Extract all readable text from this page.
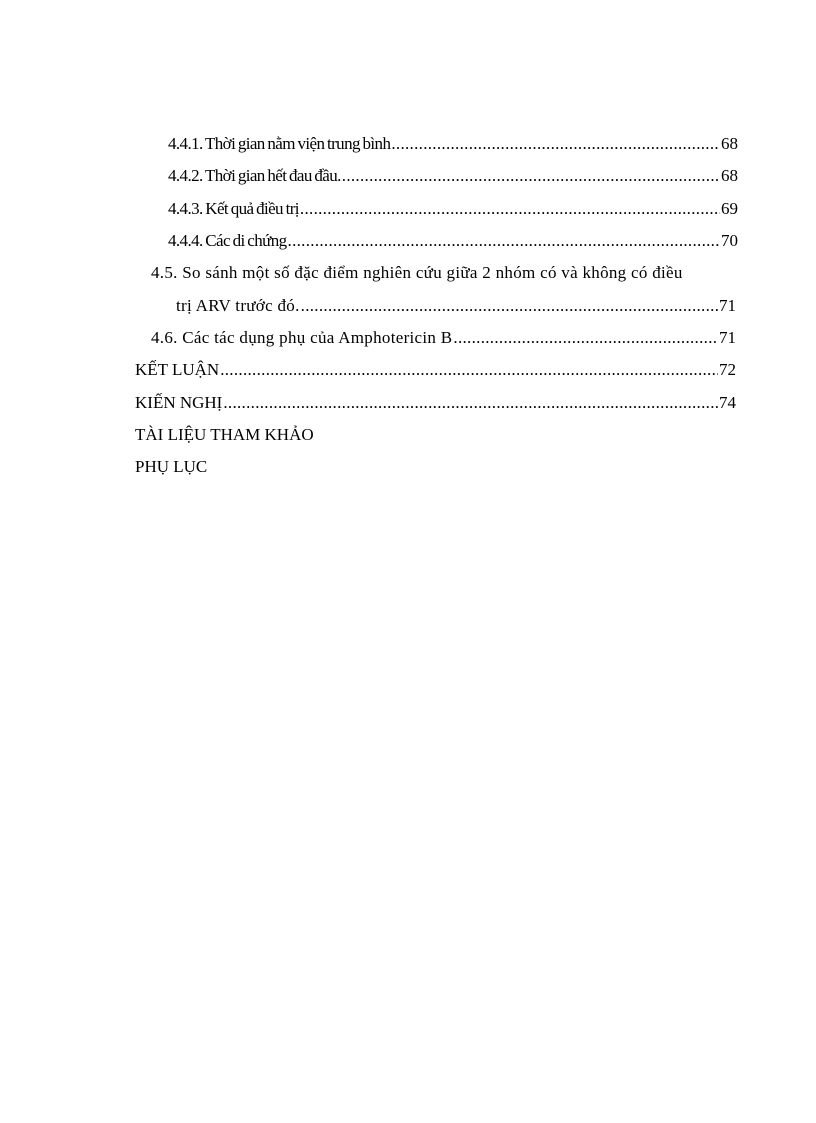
4.4.1. Thời gian nằm viện trung bình .....	68
4.4.2. Thời gian hết đau đầu. .....	68
4.4.3. Kết quả điều trị .....	69
4.4.4. Các di chứng .....	70
4.5. So sánh một số đặc điểm nghiên cứu giữa 2 nhóm có và không có điều
trị ARV trước đó. .....	71
4.6. Các tác dụng phụ của Amphotericin B .....	71
KẾT LUẬN .....	72
KIẾN NGHỊ .....	74
TÀI LIỆU THAM KHẢO
PHỤ LỤC
